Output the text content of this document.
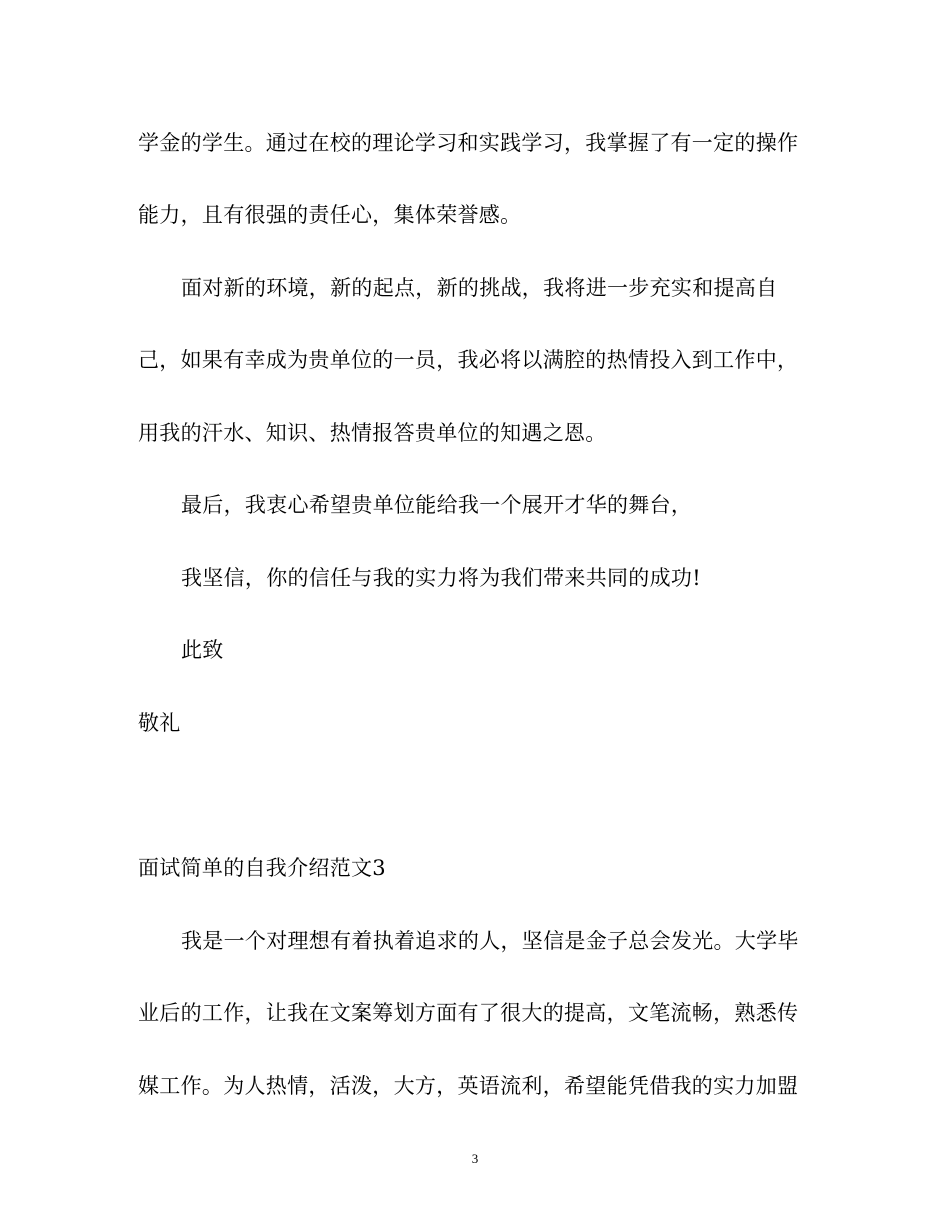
学金的学生。通过在校的理论学习和实践学习，我掌握了有一定的操作
能力，且有很强的责任心，集体荣誉感。
面对新的环境，新的起点，新的挑战，我将进一步充实和提高自
己，如果有幸成为贵单位的一员，我必将以满腔的热情投入到工作中，
用我的汗水、知识、热情报答贵单位的知遇之恩。
最后，我衷心希望贵单位能给我一个展开才华的舞台，
我坚信，你的信任与我的实力将为我们带来共同的成功!
此致
敬礼
面试简单的自我介绍范文3
我是一个对理想有着执着追求的人，坚信是金子总会发光。大学毕
业后的工作，让我在文案筹划方面有了很大的提高，文笔流畅，熟悉传
媒工作。为人热情，活泼，大方，英语流利，希望能凭借我的实力加盟
3
